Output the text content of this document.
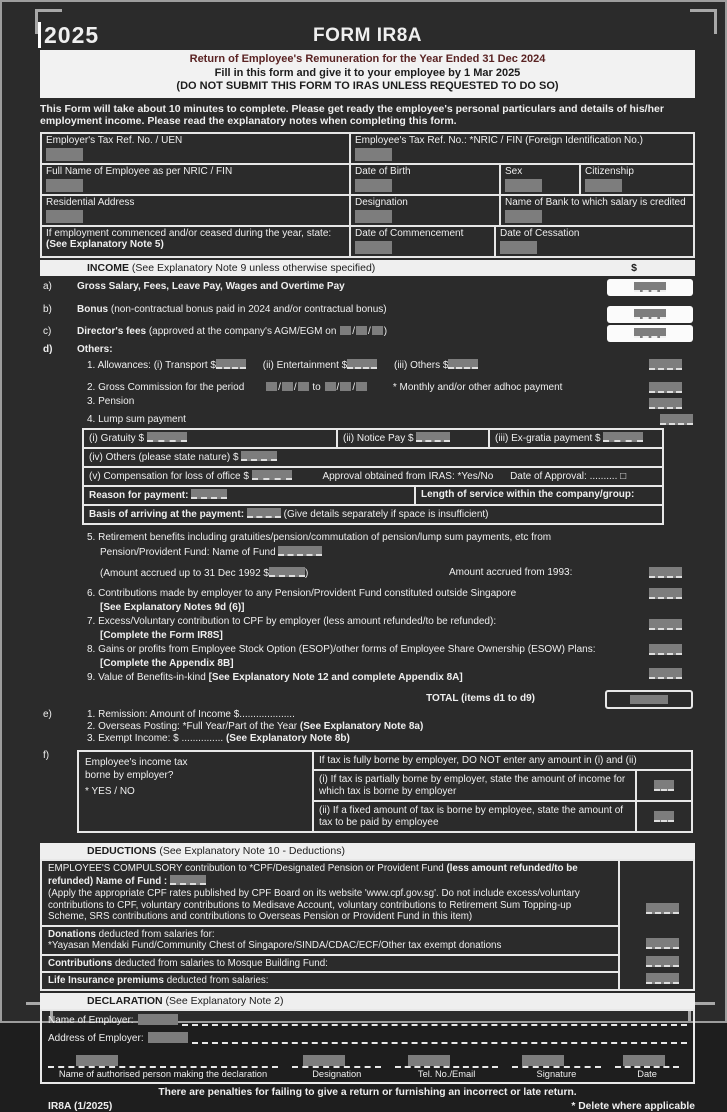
2025	FORM IR8A
Return of Employee's Remuneration for the Year Ended 31 Dec 2024
Fill in this form and give it to your employee by 1 Mar 2025
(DO NOT SUBMIT THIS FORM TO IRAS UNLESS REQUESTED TO DO SO)
This Form will take about 10 minutes to complete. Please get ready the employee's personal particulars and details of his/her employment income. Please read the explanatory notes when completing this form.
Employer's Tax Ref. No. / UEN	Employee's Tax Ref. No.: *NRIC / FIN (Foreign Identification No.)
Full Name of Employee as per NRIC / FIN	Date of Birth	Sex	Citizenship
Residential Address	Designation	Name of Bank to which salary is credited
If employment commenced and/or ceased during the year, state:
(See Explanatory Note 5)
Date of Commencement	Date of Cessation
INCOME (See Explanatory Note 9 unless otherwise specified)	$
a)	Gross Salary, Fees, Leave Pay, Wages and Overtime Pay
b)	Bonus (non-contractual bonus paid in 2024 and/or contractual bonus)
c)	Director's fees (approved at the company's AGM/EGM on / / )
d) Others:
1. Allowances: (i) Transport $	(ii) Entertainment $	(iii) Others $
2. Gross Commission for the period	/ / to / /	* Monthly and/or other adhoc payment
3. Pension
4. Lump sum payment
(i) Gratuity $	(ii) Notice Pay $	(iii) Ex-gratia payment $
(iv) Others (please state nature) $
(v) Compensation for loss of office $	Approval obtained from IRAS: *Yes/No Date of Approval: .......... □
Reason for payment:	Length of service within the company/group:
Basis of arriving at the payment:	(Give details separately if space is insufficient)
5. Retirement benefits including gratuities/pension/commutation of pension/lump sum payments, etc from
Pension/Provident Fund: Name of Fund
(Amount accrued up to 31 Dec 1992 $	)	Amount accrued from 1993:
6. Contributions made by employer to any Pension/Provident Fund constituted outside Singapore
[See Explanatory Notes 9d (6)]
7. Excess/Voluntary contribution to CPF by employer (less amount refunded/to be refunded):
[Complete the Form IR8S]
8. Gains or profits from Employee Stock Option (ESOP)/other forms of Employee Share Ownership (ESOW) Plans:
[Complete the Appendix 8B]
9. Value of Benefits-in-kind [See Explanatory Note 12 and complete Appendix 8A]
TOTAL (items d1 to d9)
e)	1. Remission: Amount of Income $....................
2. Overseas Posting: *Full Year/Part of the Year (See Explanatory Note 8a)
3. Exempt Income: $ ............... (See Explanatory Note 8b)
f)
Employee's income tax borne by employer?
* YES / NO
If tax is fully borne by employer, DO NOT enter any amount in (i) and (ii)
(i) If tax is partially borne by employer, state the amount of income for which tax is borne by employer
(ii) If a fixed amount of tax is borne by employee, state the amount of tax to be paid by employee
DEDUCTIONS (See Explanatory Note 10 - Deductions)
EMPLOYEE'S COMPULSORY contribution to *CPF/Designated Pension or Provident Fund (less amount refunded/to be refunded) Name of Fund :
(Apply the appropriate CPF rates published by CPF Board on its website 'www.cpf.gov.sg'. Do not include excess/voluntary contributions to CPF, voluntary contributions to Medisave Account, voluntary contributions to Retirement Sum Topping-up Scheme, SRS contributions and contributions to Overseas Pension or Provident Fund in this item)
Donations deducted from salaries for:
*Yayasan Mendaki Fund/Community Chest of Singapore/SINDA/CDAC/ECF/Other tax exempt donations
Contributions deducted from salaries to Mosque Building Fund:
Life Insurance premiums deducted from salaries:
DECLARATION (See Explanatory Note 2)
Name of Employer:
Address of Employer:
Name of authorised person making the declaration	Designation	Tel. No./Email	Signature	Date
There are penalties for failing to give a return or furnishing an incorrect or late return.
IR8A (1/2025)	* Delete where applicable
